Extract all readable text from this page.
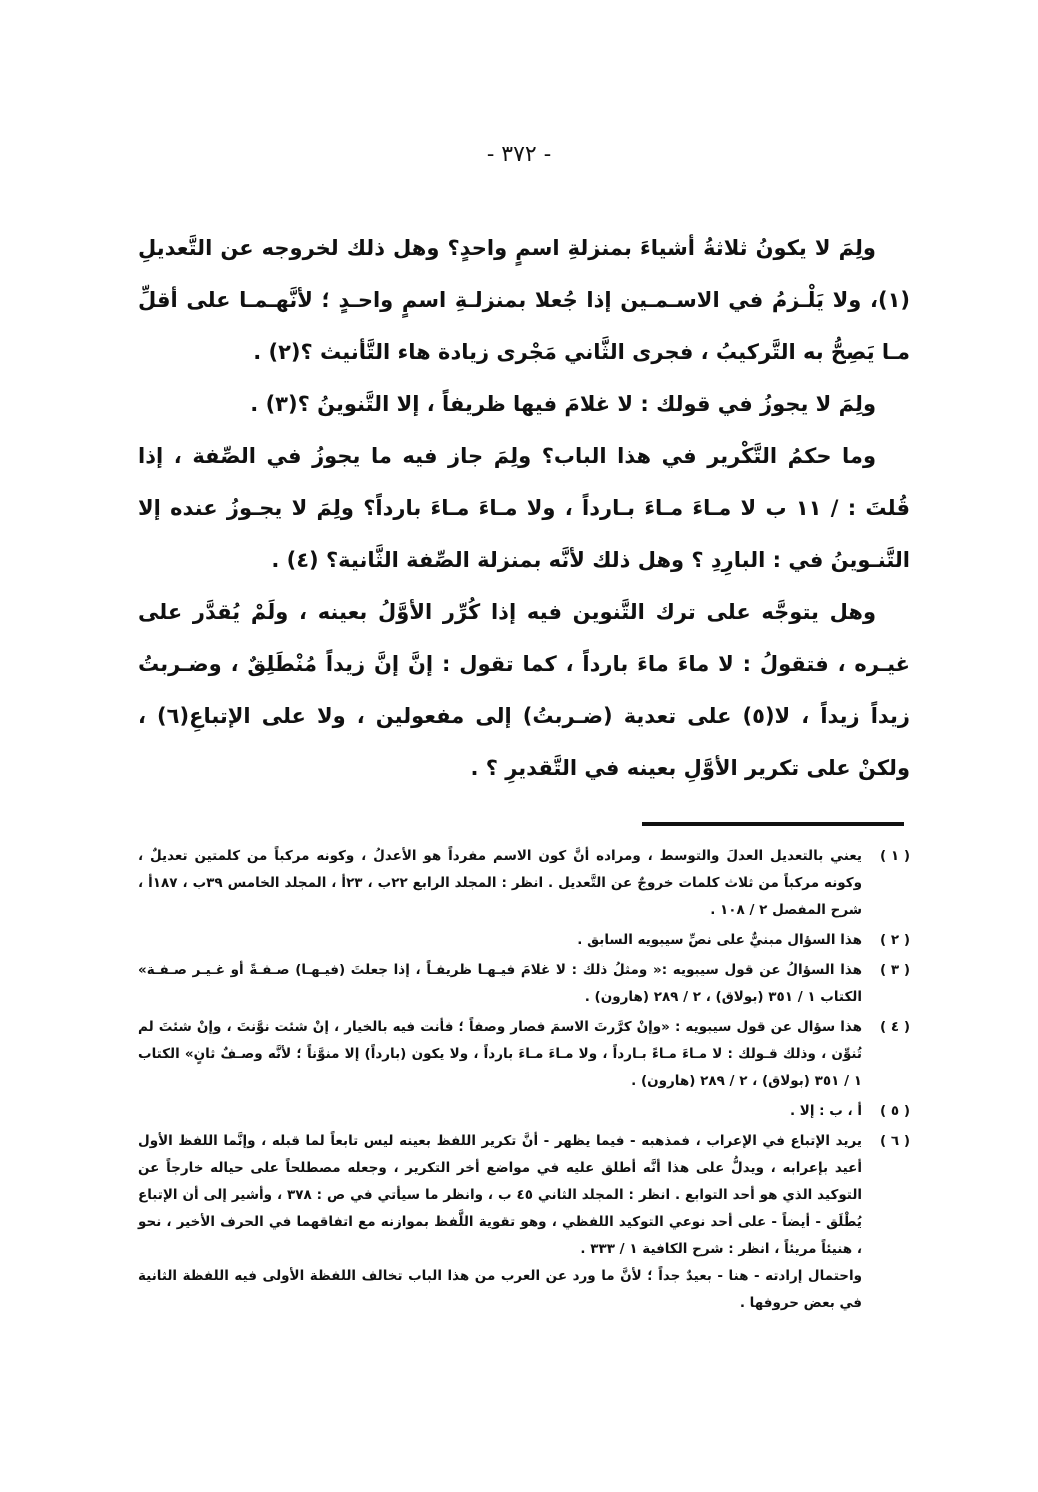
- ٣٧٢ -

ولِمَ لا يكونُ ثلاثةُ أشياءَ بمنزلةِ اسمٍ واحدٍ؟ وهل ذلك لخروجه عن التَّعديلِ (١)، ولا يَلْـزمُ في الاسـمـين إذا جُعلا بمنزلـةِ اسمٍ واحـدٍ ؛ لأنَّهـمـا على أقلِّ مـا يَصِحُّ به التَّركيبُ ، فجرى الثَّاني مَجْرى زيادة هاء التَّأنيث ؟(٢) .

ولِمَ لا يجوزُ في قولك : لا غلامَ فيها ظريفاً ، إلا التَّنوينُ ؟(٣) .

وما حكمُ التَّكْرير في هذا الباب؟ ولِمَ جاز فيه ما يجوزُ في الصِّفة ، إذا قُلتَ : / ١١ ب لا مـاءَ مـاءَ بـارداً ، ولا مـاءَ مـاءَ بارداً؟ ولِمَ لا يجـوزُ عنده إلا التَّنـوينُ في : البارِدِ ؟ وهل ذلك لأنَّه بمنزلة الصِّفة الثَّانية؟ (٤) .

وهل يتوجَّه على ترك التَّنوين فيه إذا كُرِّر الأوَّلُ بعينه ، ولَمْ يُقدَّر على غيـره ، فتقولُ : لا ماءَ ماءَ بارداً ، كما تقول : إنَّ إنَّ زيداً مُنْطَلِقٌ ، وضـربتُ زيداً زيداً ، لا(٥) على تعدية (ضـربتُ) إلى مفعولين ، ولا على الإتباعِ(٦) ، ولكنْ على تكرير الأوَّلِ بعينه في التَّقديرِ ؟ .

( ١ )

يعني بالتعديل العدلَ والتوسط ، ومراده أنَّ كون الاسم مفرداً هو الأعدلُ ، وكونه مركباً من كلمتين تعديلٌ ، وكونه مركباً من ثلاث كلمات خروجٌ عن التَّعديل . انظر : المجلد الرابع ٢٢ب ، ٢٣أ ، المجلد الخامس ٣٩ب ، ١٨٧أ ، شرح المفصل ٢ / ١٠٨ .

( ٢ )

هذا السؤال مبنيٌّ على نصِّ سيبويه السابق .

( ٣ )

هذا السؤالُ عن قول سيبويه :« ومثلُ ذلك : لا غلامَ فيـهـا ظريفـاً ، إذا جعلتَ (فيـهـا) صـفـةً أو غـيـر صـفـة» الكتاب ١ / ٣٥١ (بولاق) ، ٢ / ٢٨٩ (هارون) .

( ٤ )

هذا سؤال عن قول سيبويه : «وإنْ كرَّرتَ الاسمَ فصار وصفاً ؛ فأنت فيه بالخيار ، إنْ شئت نوَّنتَ ، وإنْ شئتَ لم تُنوِّن ، وذلك قـولك : لا مـاءَ مـاءً بـارداً ، ولا مـاءَ مـاءَ بارداً ، ولا يكون (بارداً) إلا منوَّناً ؛ لأنَّه وصـفٌ ثانٍ» الكتاب ١ / ٣٥١ (بولاق) ، ٢ / ٢٨٩ (هارون) .

( ٥ )

أ ، ب : إلا .

( ٦ )

يريد الإتباع في الإعراب ، فمذهبه - فيما يظهر - أنَّ تكرير اللفظ بعينه ليس تابعاً لما قبله ، وإنَّما اللفظ الأول أعيد بإعرابه ، ويدلُّ على هذا أنَّه أطلق عليه في مواضع أخر التكرير ، وجعله مصطلحاً على حياله خارجاً عن التوكيد الذي هو أحد التوابع . انظر : المجلد الثاني ٤٥ ب ، وانظر ما سيأتي في ص : ٣٧٨ ، وأشير إلى أن الإتباع يُطْلَق - أيضاً - على أحد نوعي التوكيد اللفظي ، وهو تقوية اللَّفظ بموازنه مع اتفاقهما في الحرف الأخير ، نحو ، هنيئاً مريئاً ، انظر : شرح الكافية ١ / ٣٣٣ .

واحتمال إرادته - هنا - بعيدٌ جداً ؛ لأنَّ ما ورد عن العرب من هذا الباب تخالف اللفظة الأولى فيه اللفظة الثانية في بعض حروفها .
